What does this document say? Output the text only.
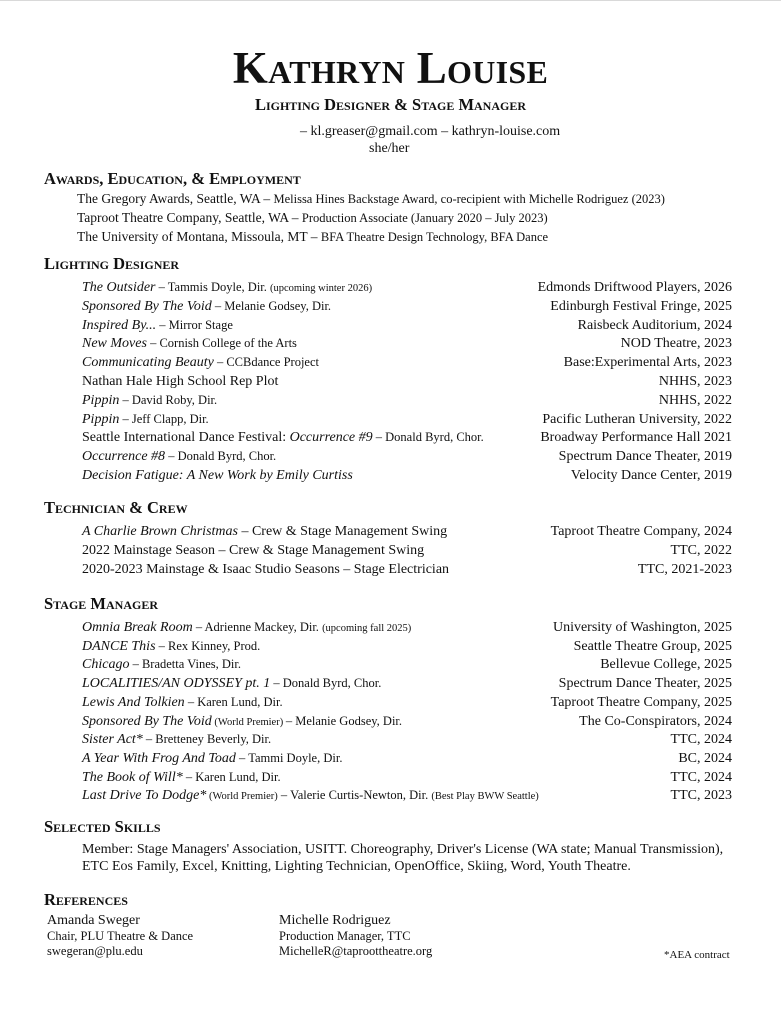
Kathryn Louise
Lighting Designer & Stage Manager
– kl.greaser@gmail.com – kathryn-louise.com
she/her
Awards, Education, & Employment
The Gregory Awards, Seattle, WA – Melissa Hines Backstage Award, co-recipient with Michelle Rodriguez (2023)
Taproot Theatre Company, Seattle, WA – Production Associate (January 2020 – July 2023)
The University of Montana, Missoula, MT – BFA Theatre Design Technology, BFA Dance
Lighting Designer
The Outsider – Tammis Doyle, Dir. (upcoming winter 2026)	Edmonds Driftwood Players, 2026
Sponsored By The Void – Melanie Godsey, Dir.	Edinburgh Festival Fringe, 2025
Inspired By... – Mirror Stage	Raisbeck Auditorium, 2024
New Moves – Cornish College of the Arts	NOD Theatre, 2023
Communicating Beauty – CCBdance Project	Base:Experimental Arts, 2023
Nathan Hale High School Rep Plot	NHHS, 2023
Pippin – David Roby, Dir.	NHHS, 2022
Pippin – Jeff Clapp, Dir.	Pacific Lutheran University, 2022
Seattle International Dance Festival: Occurrence #9 – Donald Byrd, Chor.	Broadway Performance Hall 2021
Occurrence #8 – Donald Byrd, Chor.	Spectrum Dance Theater, 2019
Decision Fatigue: A New Work by Emily Curtiss	Velocity Dance Center, 2019
Technician & Crew
A Charlie Brown Christmas – Crew & Stage Management Swing	Taproot Theatre Company, 2024
2022 Mainstage Season – Crew & Stage Management Swing	TTC, 2022
2020-2023 Mainstage & Isaac Studio Seasons – Stage Electrician	TTC, 2021-2023
Stage Manager
Omnia Break Room – Adrienne Mackey, Dir. (upcoming fall 2025)	University of Washington, 2025
DANCE This – Rex Kinney, Prod.	Seattle Theatre Group, 2025
Chicago – Bradetta Vines, Dir.	Bellevue College, 2025
LOCALITIES/AN ODYSSEY pt. 1 – Donald Byrd, Chor.	Spectrum Dance Theater, 2025
Lewis And Tolkien – Karen Lund, Dir.	Taproot Theatre Company, 2025
Sponsored By The Void (World Premier) – Melanie Godsey, Dir.	The Co-Conspirators, 2024
Sister Act* – Bretteney Beverly, Dir.	TTC, 2024
A Year With Frog And Toad – Tammi Doyle, Dir.	BC, 2024
The Book of Will* – Karen Lund, Dir.	TTC, 2024
Last Drive To Dodge* (World Premier) – Valerie Curtis-Newton, Dir. (Best Play BWW Seattle)	TTC, 2023
Selected Skills
Member: Stage Managers' Association, USITT. Choreography, Driver's License (WA state; Manual Transmission), ETC Eos Family, Excel, Knitting, Lighting Technician, OpenOffice, Skiing, Word, Youth Theatre.
References
Amanda Sweger
Chair, PLU Theatre & Dance
swegeran@plu.edu
Michelle Rodriguez
Production Manager, TTC
MichelleR@taproottheatre.org	*AEA contract
